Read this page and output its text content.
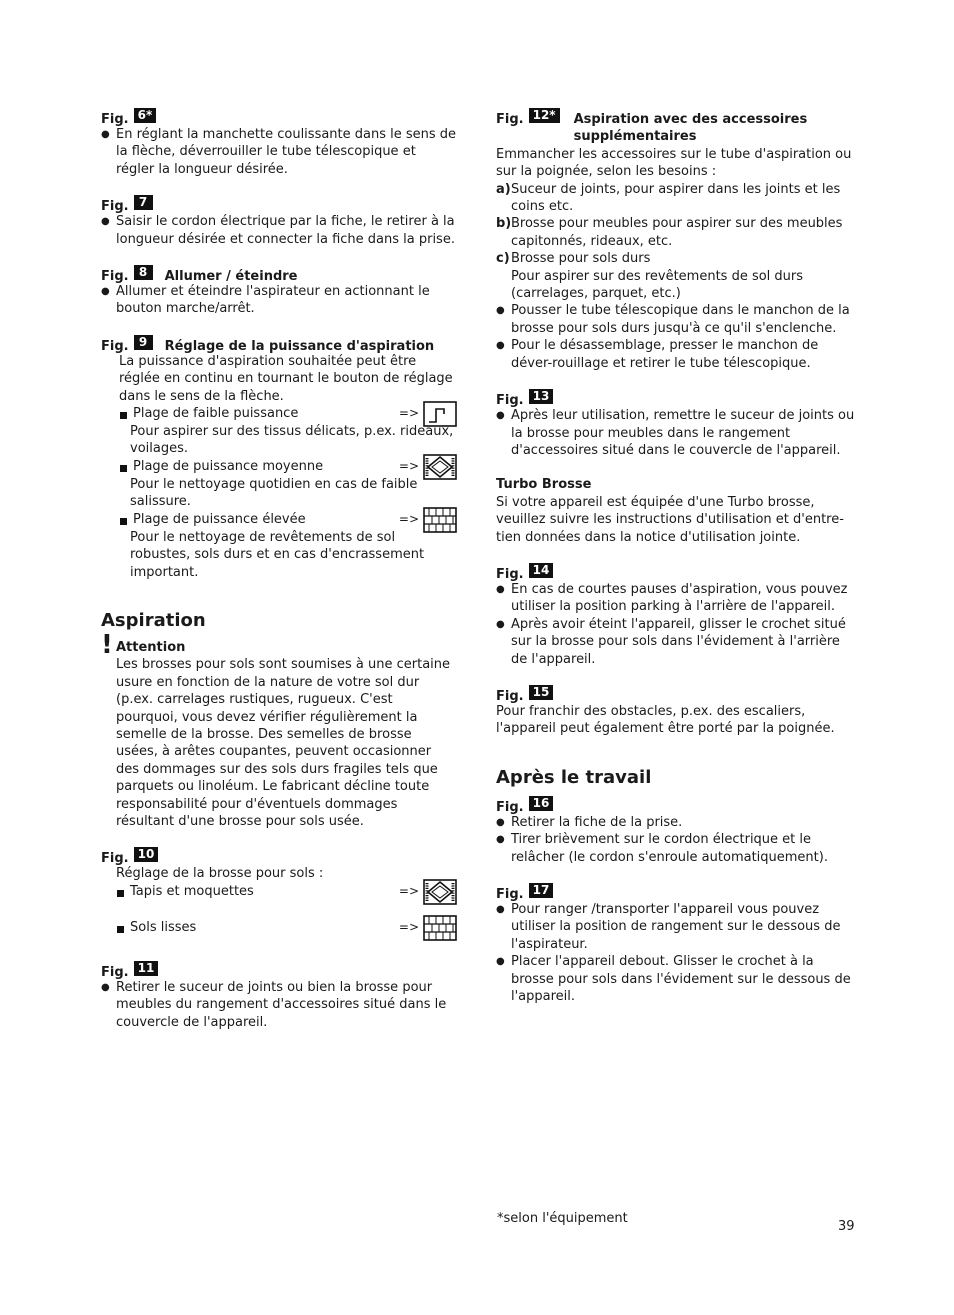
Fig. 6*
● En réglant la manchette coulissante dans le sens de la flèche, déverrouiller le tube télescopique et régler la longueur désirée.
Fig. 7
● Saisir le cordon électrique par la fiche, le retirer à la longueur désirée et connecter la fiche dans la prise.
Fig. 8	Allumer / éteindre
● Allumer et éteindre l'aspirateur en actionnant le bouton marche/arrêt.
Fig. 9	Réglage de la puissance d'aspiration
La puissance d'aspiration souhaitée peut être réglée en continu en tournant le bouton de réglage dans le sens de la flèche.
Plage de faible puissance	=>
Pour aspirer sur des tissus délicats, p.ex. rideaux, voilages.
Plage de puissance moyenne	=>
Pour le nettoyage quotidien en cas de faible salissure.
Plage de puissance élevée	=>
Pour le nettoyage de revêtements de sol robustes, sols durs et en cas d'encrassement important.
Aspiration
! Attention
Les brosses pour sols sont soumises à une certaine usure en fonction de la nature de votre sol dur (p.ex. carrelages rustiques, rugueux. C'est pourquoi, vous devez vérifier régulièrement la semelle de la brosse. Des semelles de brosse usées, à arêtes coupantes, peuvent occasionner des dommages sur des sols durs fragiles tels que parquets ou linoléum. Le fabricant décline toute responsabilité pour d'éventuels dommages résultant d'une brosse pour sols usée.
Fig. 10
Réglage de la brosse pour sols :
Tapis et moquettes	=>
Sols lisses	=>
Fig. 11
● Retirer le suceur de joints ou bien la brosse pour meubles du rangement d'accessoires situé dans le couvercle de l'appareil.
Fig. 12*	Aspiration avec des accessoires
supplémentaires
Emmancher les accessoires sur le tube d'aspiration ou sur la poignée, selon les besoins :
a) Suceur de joints, pour aspirer dans les joints et les coins etc.
b) Brosse pour meubles pour aspirer sur des meubles capitonnés, rideaux, etc.
c) Brosse pour sols durs
Pour aspirer sur des revêtements de sol durs (carrelages, parquet, etc.)
● Pousser le tube télescopique dans le manchon de la brosse pour sols durs jusqu'à ce qu'il s'enclenche.
● Pour le désassemblage, presser le manchon de déver-rouillage et retirer le tube télescopique.
Fig. 13
● Après leur utilisation, remettre le suceur de joints ou la brosse pour meubles dans le rangement d'accessoires situé dans le couvercle de l'appareil.
Turbo Brosse
Si votre appareil est équipée d'une Turbo brosse, veuillez suivre les instructions d'utilisation et d'entre-tien données dans la notice d'utilisation jointe.
Fig. 14
● En cas de courtes pauses d'aspiration, vous pouvez utiliser la position parking à l'arrière de l'appareil.
● Après avoir éteint l'appareil, glisser le crochet situé sur la brosse pour sols dans l'évidement à l'arrière de l'appareil.
Fig. 15
Pour franchir des obstacles, p.ex. des escaliers, l'appareil peut également être porté par la poignée.
Après le travail
Fig. 16
● Retirer la fiche de la prise.
● Tirer brièvement sur le cordon électrique et le relâcher (le cordon s'enroule automatiquement).
Fig. 17
● Pour ranger /transporter l'appareil vous pouvez utiliser la position de rangement sur le dessous de l'aspirateur.
● Placer l'appareil debout. Glisser le crochet à la brosse pour sols dans l'évidement sur le dessous de l'appareil.
*selon l'équipement
39
